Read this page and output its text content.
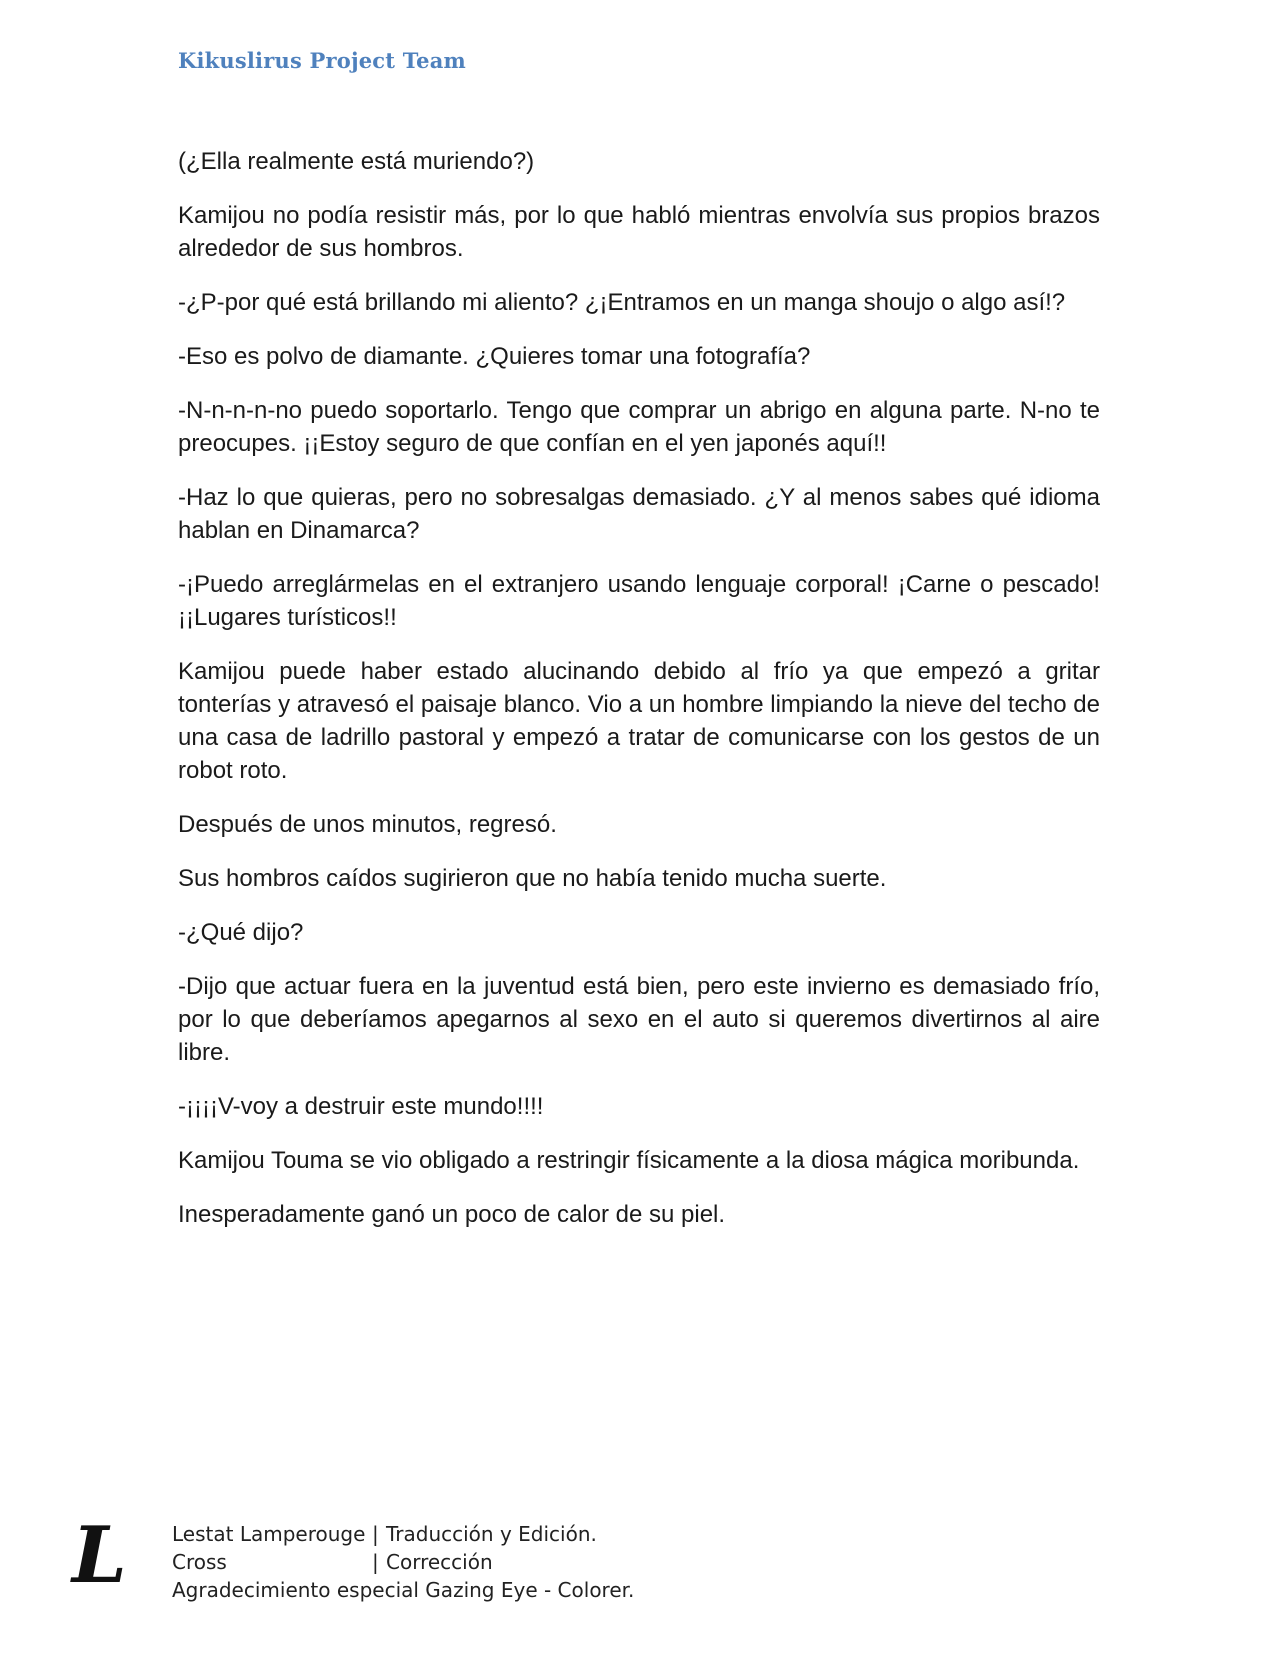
Kikuslirus Project Team

(¿Ella realmente está muriendo?)

Kamijou no podía resistir más, por lo que habló mientras envolvía sus propios brazos alrededor de sus hombros.

-¿P-por qué está brillando mi aliento? ¿¡Entramos en un manga shoujo o algo así!?

-Eso es polvo de diamante. ¿Quieres tomar una fotografía?

-N-n-n-n-no puedo soportarlo. Tengo que comprar un abrigo en alguna parte. N-no te preocupes. ¡¡Estoy seguro de que confían en el yen japonés aquí!!

-Haz lo que quieras, pero no sobresalgas demasiado. ¿Y al menos sabes qué idioma hablan en Dinamarca?

-¡Puedo arreglármelas en el extranjero usando lenguaje corporal! ¡Carne o pescado! ¡¡Lugares turísticos!!

Kamijou puede haber estado alucinando debido al frío ya que empezó a gritar tonterías y atravesó el paisaje blanco. Vio a un hombre limpiando la nieve del techo de una casa de ladrillo pastoral y empezó a tratar de comunicarse con los gestos de un robot roto.

Después de unos minutos, regresó.

Sus hombros caídos sugirieron que no había tenido mucha suerte.

-¿Qué dijo?

-Dijo que actuar fuera en la juventud está bien, pero este invierno es demasiado frío, por lo que deberíamos apegarnos al sexo en el auto si queremos divertirnos al aire libre.

-¡¡¡¡V-voy a destruir este mundo!!!!

Kamijou Touma se vio obligado a restringir físicamente a la diosa mágica moribunda.

Inesperadamente ganó un poco de calor de su piel.

L Lestat Lamperouge | Traducción y Edición.
Cross	| Corrección
Agradecimiento especial Gazing Eye - Colorer.
